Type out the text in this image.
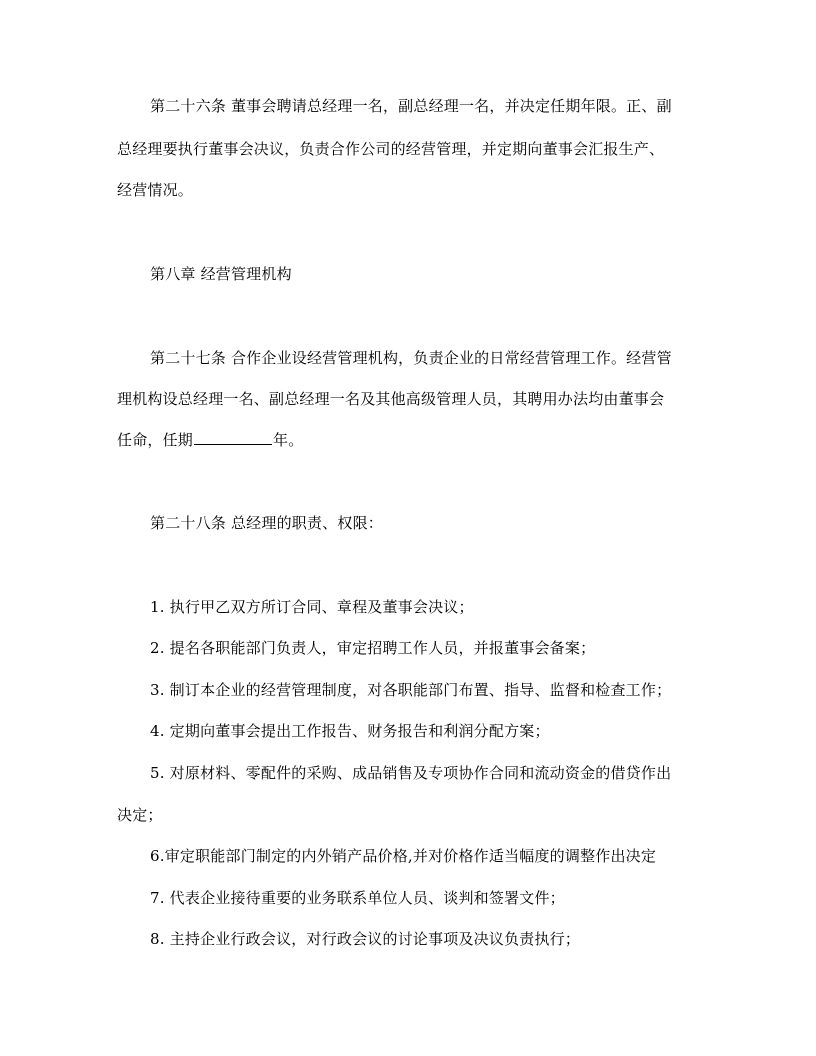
第二十六条 董事会聘请总经理一名，副总经理一名，并决定任期年限。正、副
总经理要执行董事会决议，负责合作公司的经营管理，并定期向董事会汇报生产、
经营情况。
第八章 经营管理机构
第二十七条 合作企业设经营管理机构，负责企业的日常经营管理工作。经营管
理机构设总经理一名、副总经理一名及其他高级管理人员，其聘用办法均由董事会
任命，任期	年。
第二十八条 总经理的职责、权限：
1. 执行甲乙双方所订合同、章程及董事会决议；
2. 提名各职能部门负责人，审定招聘工作人员，并报董事会备案；
3. 制订本企业的经营管理制度，对各职能部门布置、指导、监督和检查工作；
4. 定期向董事会提出工作报告、财务报告和利润分配方案；
5. 对原材料、零配件的采购、成品销售及专项协作合同和流动资金的借贷作出
决定；
6.审定职能部门制定的内外销产品价格,并对价格作适当幅度的调整作出决定
7. 代表企业接待重要的业务联系单位人员、谈判和签署文件；
8. 主持企业行政会议，对行政会议的讨论事项及决议负责执行；
